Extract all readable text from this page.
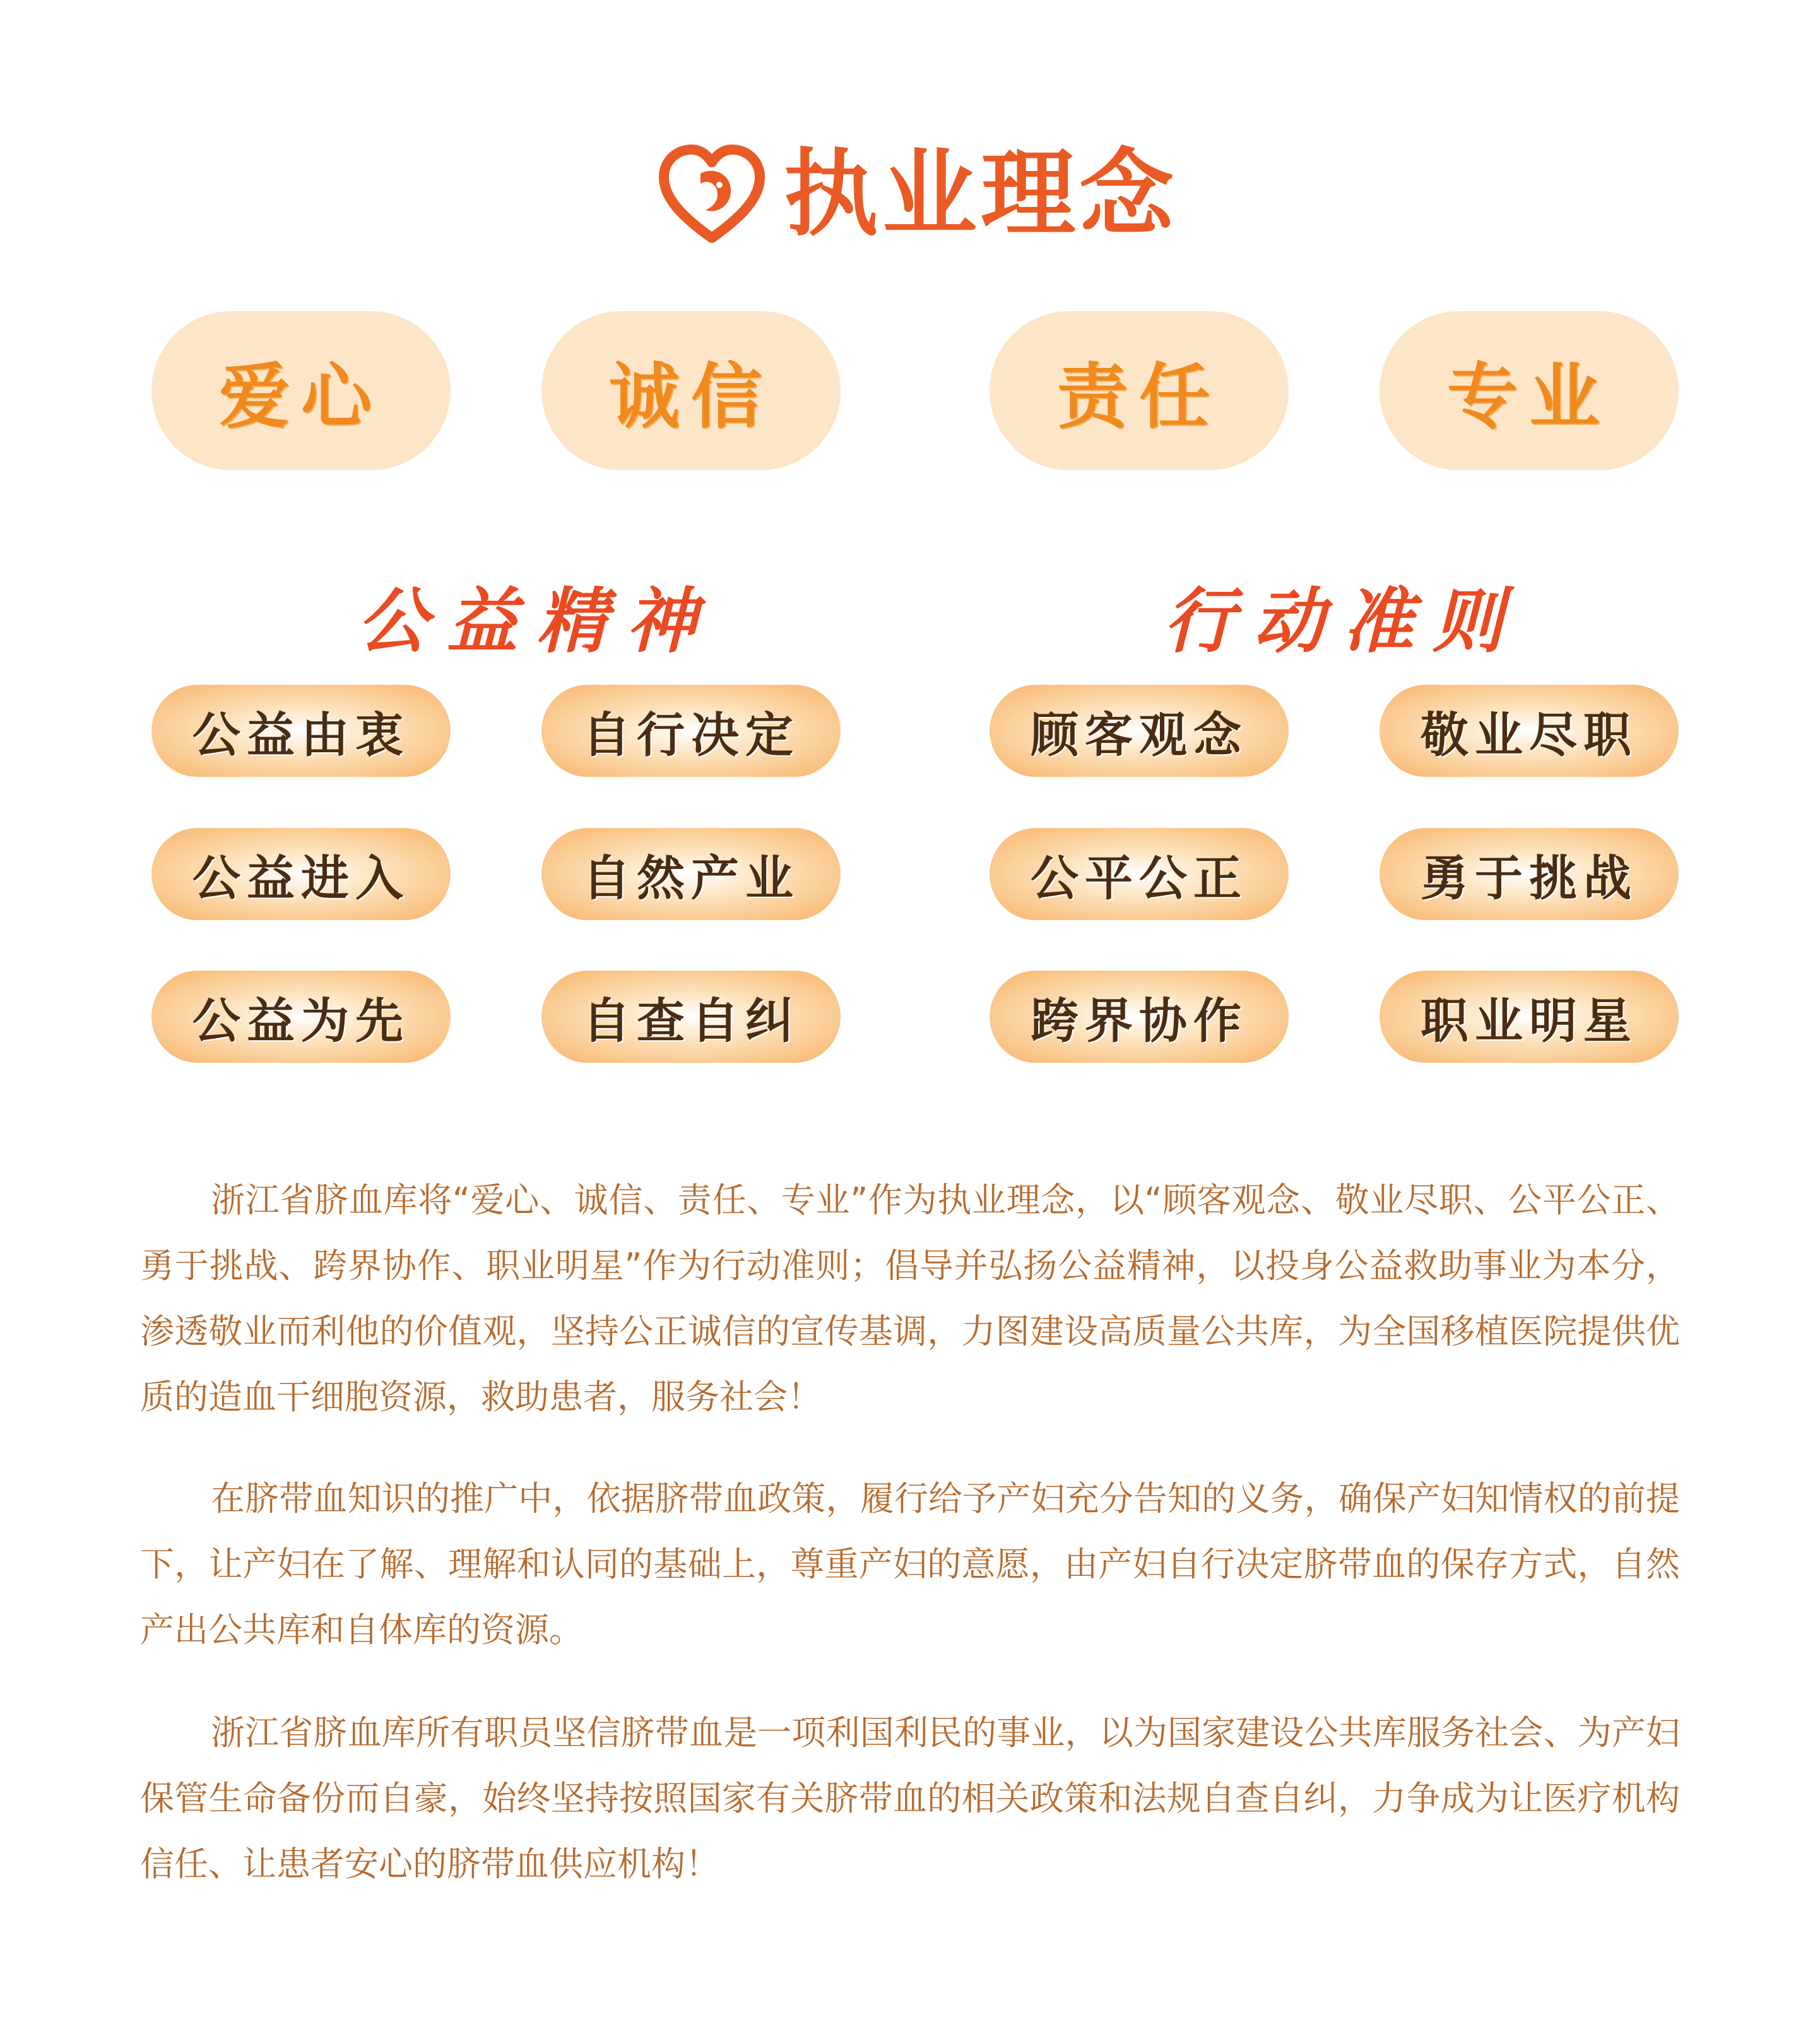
执业理念
爱心	诚信	责任	专业
公益精神	行动准则
公益由衷	自行决定
公益进入	自然产业
公益为先	自查自纠
顾客观念	敬业尽职
公平公正	勇于挑战
跨界协作	职业明星

浙江省脐血库将“爱心、诚信、责任、专业”作为执业理念，以“顾客观念、敬业尽职、公平公正、勇于挑战、跨界协作、职业明星”作为行动准则；倡导并弘扬公益精神，以投身公益救助事业为本分，渗透敬业而利他的价值观，坚持公正诚信的宣传基调，力图建设高质量公共库，为全国移植医院提供优质的造血干细胞资源，救助患者，服务社会！

在脐带血知识的推广中，依据脐带血政策，履行给予产妇充分告知的义务，确保产妇知情权的前提下，让产妇在了解、理解和认同的基础上，尊重产妇的意愿，由产妇自行决定脐带血的保存方式，自然产出公共库和自体库的资源。

浙江省脐血库所有职员坚信脐带血是一项利国利民的事业，以为国家建设公共库服务社会、为产妇保管生命备份而自豪，始终坚持按照国家有关脐带血的相关政策和法规自查自纠，力争成为让医疗机构信任、让患者安心的脐带血供应机构！
